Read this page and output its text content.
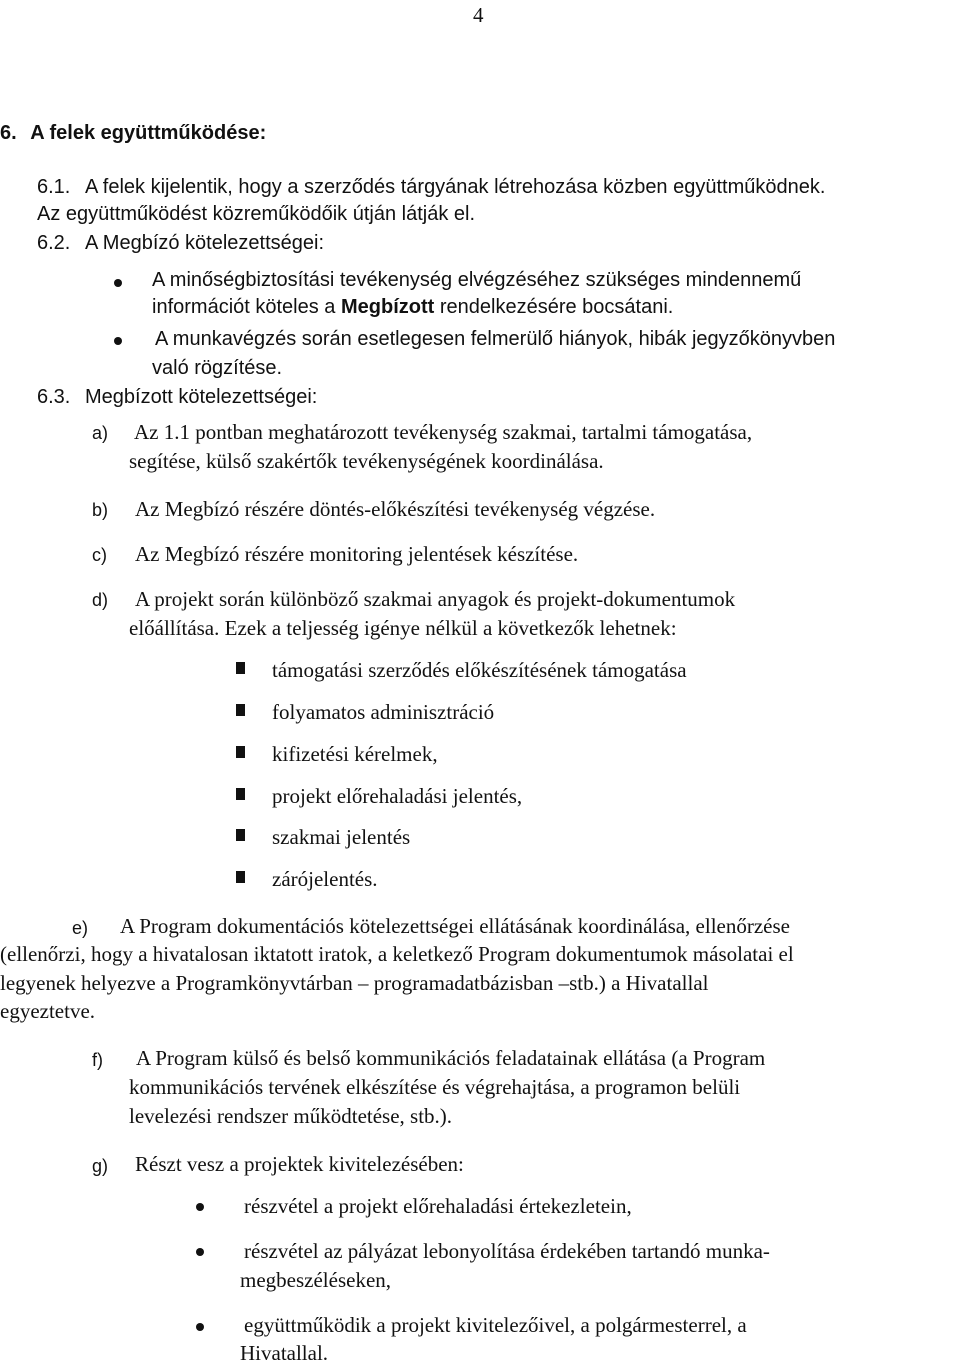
4
6. A felek együttműködése:
6.1. A felek kijelentik, hogy a szerződés tárgyának létrehozása közben együttműködnek.
Az együttműködést közreműködőik útján látják el.
6.2. A Megbízó kötelezettségei:
A minőségbiztosítási tevékenység elvégzéséhez szükséges mindennemű
információt köteles a Megbízott rendelkezésére bocsátani.
A munkavégzés során esetlegesen felmerülő hiányok, hibák jegyzőkönyvben
való rögzítése.
6.3. Megbízott kötelezettségei:
a) Az 1.1 pontban meghatározott tevékenység szakmai, tartalmi támogatása,
segítése, külső szakértők tevékenységének koordinálása.
b) Az Megbízó részére döntés-előkészítési tevékenység végzése.
c) Az Megbízó részére monitoring jelentések készítése.
d) A projekt során különböző szakmai anyagok és projekt-dokumentumok
előállítása. Ezek a teljesség igénye nélkül a következők lehetnek:
támogatási szerződés előkészítésének támogatása
folyamatos adminisztráció
kifizetési kérelmek,
projekt előrehaladási jelentés,
szakmai jelentés
zárójelentés.
e) A Program dokumentációs kötelezettségei ellátásának koordinálása, ellenőrzése
(ellenőrzi, hogy a hivatalosan iktatott iratok, a keletkező Program dokumentumok másolatai el
legyenek helyezve a Programkönyvtárban – programadatbázisban –stb.) a Hivatallal
egyeztetve.
f) A Program külső és belső kommunikációs feladatainak ellátása (a Program
kommunikációs tervének elkészítése és végrehajtása, a programon belüli
levelezési rendszer működtetése, stb.).
g) Részt vesz a projektek kivitelezésében:
részvétel a projekt előrehaladási értekezletein,
részvétel az pályázat lebonyolítása érdekében tartandó munka-
megbeszéléseken,
együttműködik a projekt kivitelezőivel, a polgármesterrel, a
Hivatallal.
